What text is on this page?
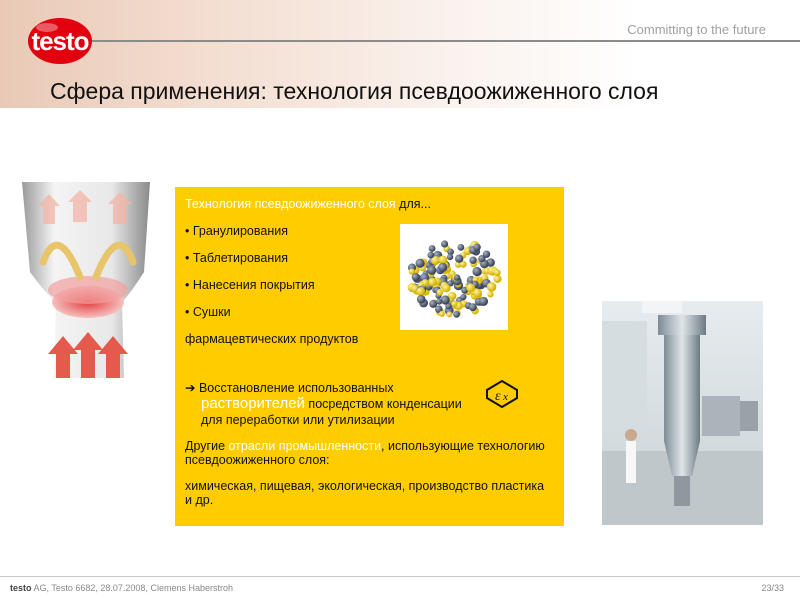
testo	Committing to the future
Сфера применения: технология псевдоожиженного слоя
Технология псевдоожиженного слоя для...
• Гранулирования
• Таблетирования
• Нанесения покрытия
• Сушки
фармацевтических продуктов
➔ Восстановление использованных растворителей посредством конденсации для переработки или утилизации
Другие отрасли промышленности, использующие технологию псевдоожиженного слоя:
химическая, пищевая, экологическая, производство пластика и др.
ε x
testo AG, Testo 6682, 28.07.2008, Clemens Haberstroh	23/33
